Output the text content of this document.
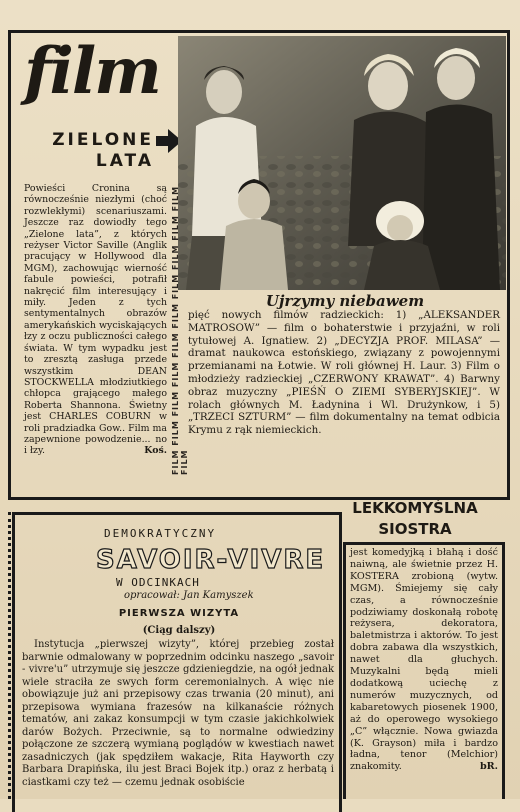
film
ZIELONE
LATA
FILM FILM FILM FILM FILM FILM FILM FILM FILM FILM FILM
Powieści Cronina są równocześnie niezłymi (choć rozwlekłymi) scenariuszami. Jeszcze raz dowiodły tego „Zielone lata”, z których reżyser Victor Saville (Anglik pracujący w Hollywood dla MGM), zachowując wierność fabule powieści, potrafił nakręcić film interesujący i miły. Jeden z tych sentymentalnych obrazów amerykańskich wyciskających łzy z oczu publiczności całego świata. W tym wypadku jest to zresztą zasługa przede wszystkim DEAN STOCKWELLA młodziutkiego chłopca grającego małego Roberta Shannona. Świetny jest CHARLES COBURN w roli pradziadka Gow.. Film ma zapewnione powodzenie... no i łzy.	Koś.
Ujrzymy niebawem
pięć nowych filmów radzieckich: 1) „ALEKSANDER MATROSOW” — film o bohaterstwie i przyjaźni, w roli tytułowej A. Ignatiew. 2) „DECYZJA PROF. MILASA” — dramat naukowca estońskiego, związany z powojennymi przemianami na Łotwie. W roli głównej H. Laur. 3) Film o młodzieży radzieckiej „CZERWONY KRAWAT”. 4) Barwny obraz muzyczny „PIEŚŃ O ZIEMI SYBERYJSKIEJ”. W rolach głównych M. Ładynina i Wl. Drużynkow, i 5) „TRZECI SZTURM” — film dokumentalny na temat odbicia Krymu z rąk niemieckich.
DEMOKRATYCZNY
SAVOIR-VIVRE
W ODCINKACH
opracował: Jan Kamyszek
PIERWSZA WIZYTA
(Ciąg dalszy)
Instytucja „pierwszej wizyty”, której przebieg został barwnie odmalowany w poprzednim odcinku naszego „savoir - vivre'u” utrzymuje się jeszcze gdzieniegdzie, na ogół jednak wiele straciła ze swych form ceremonialnych. A więc nie obowiązuje już ani przepisowy czas trwania (20 minut), ani przepisowa wymiana frazesów na kilkanaście różnych tematów, ani zakaz konsumpcji w tym czasie jakichkolwiek darów Bożych. Przeciwnie, są to normalne odwiedziny połączone ze szczerą wymianą poglądów w kwestiach nawet zasadniczych (jak spędziłem wakacje, Rita Hayworth czy Barbara Drapińska, ilu jest Braci Bojek itp.) oraz z herbatą i ciastkami czy też — czemu jednak osobiście
LEKKOMYŚLNA
SIOSTRA
jest komedyjką i błahą i dość naiwną, ale świetnie przez H. KOSTERA zrobioną (wytw. MGM). Śmiejemy się cały czas, a równocześnie podziwiamy doskonałą robotę reżysera, dekoratora, baletmistrza i aktorów. To jest dobra zabawa dla wszystkich, nawet dla głuchych. Muzykalni będą mieli dodatkową uciechę z numerów muzycznych, od kabaretowych piosenek 1900, aż do operowego wysokiego „C” włącznie. Nowa gwiazda (K. Grayson) miła i bardzo ładna, tenor (Melchior) znakomity.	bR.
